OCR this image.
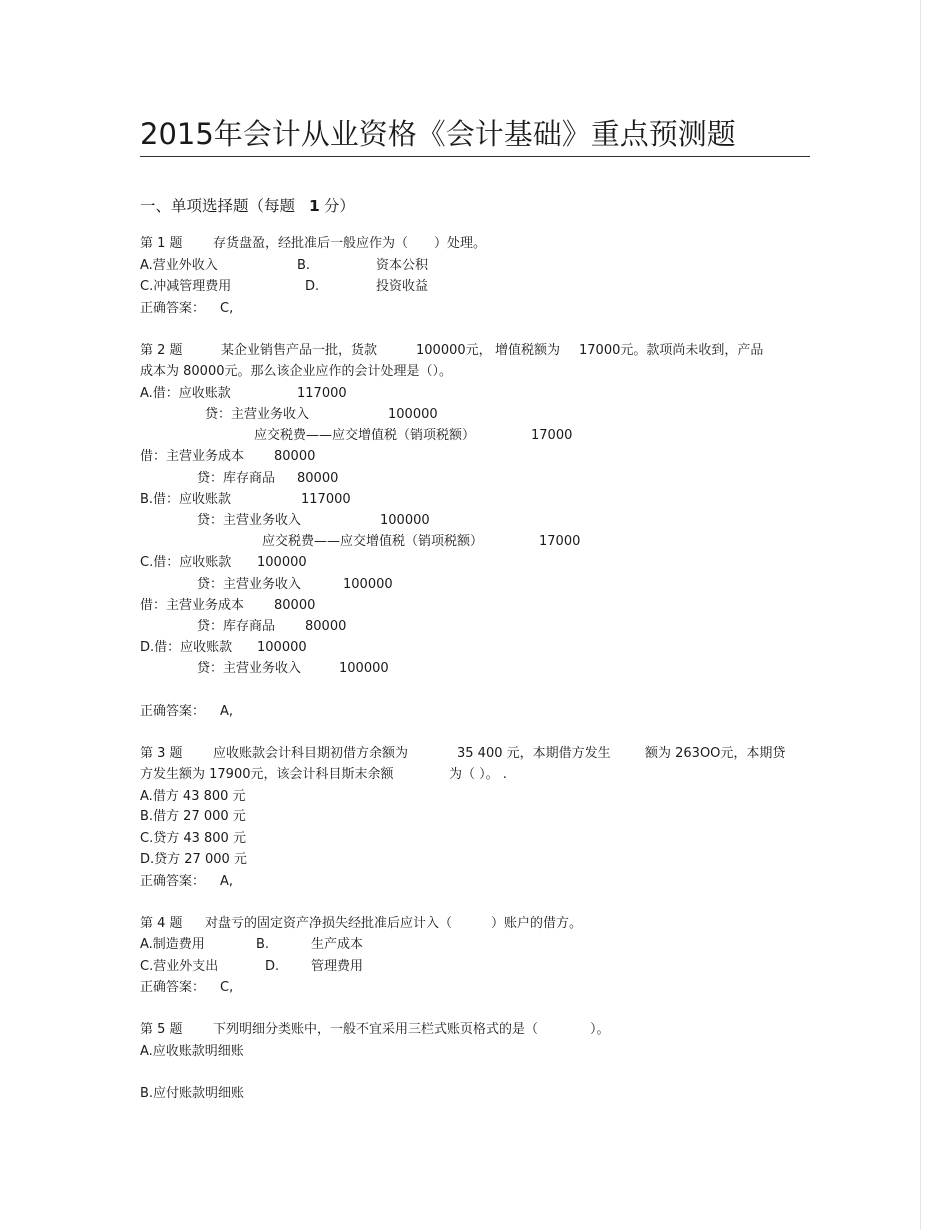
2015年会计从业资格《会计基础》重点预测题
一、单项选择题（每题 1 分）
第 1 题 存货盘盈，经批准后一般应作为（　　）处理。
A.营业外收入	B.	资本公积
C.冲减管理费用	D.	投资收益
正确答案： C,
第 2 题	某企业销售产品一批，货款	100000元， 增值税额为 17000元。款项尚未收到，产品
成本为 80000元。那么该企业应作的会计处理是（）。
A.借：应收账款	117000
贷：主营业务收入	100000
应交税费——应交增值税（销项税额）	17000
借：主营业务成本 80000
贷：库存商品 80000
B.借：应收账款	117000
贷：主营业务收入	100000
应交税费——应交增值税（销项税额）	17000
C.借：应收账款 100000
贷：主营业务收入	100000
借：主营业务成本 80000
贷：库存商品 80000
D.借：应收账款 100000
贷：主营业务收入	100000
正确答案： A,
第 3 题 应收账款会计科目期初借方余额为	35 400 元，本期借方发生	额为 263OO元，本期贷
方发生额为 17900元，该会计科目斯末余额	为（ ）。 .
A.借方 43 800 元
B.借方 27 000 元
C.贷方 43 800 元
D.贷方 27 000 元
正确答案： A,
第 4 题 对盘亏的固定资产净损失经批准后应计入（　　　）账户的借方。
A.制造费用	B.	生产成本
C.营业外支出	D. 管理费用
正确答案： C,
第 5 题 下列明细分类账中，一般不宜采用三栏式账页格式的是（　　　　）。
A.应收账款明细账
B.应付账款明细账
